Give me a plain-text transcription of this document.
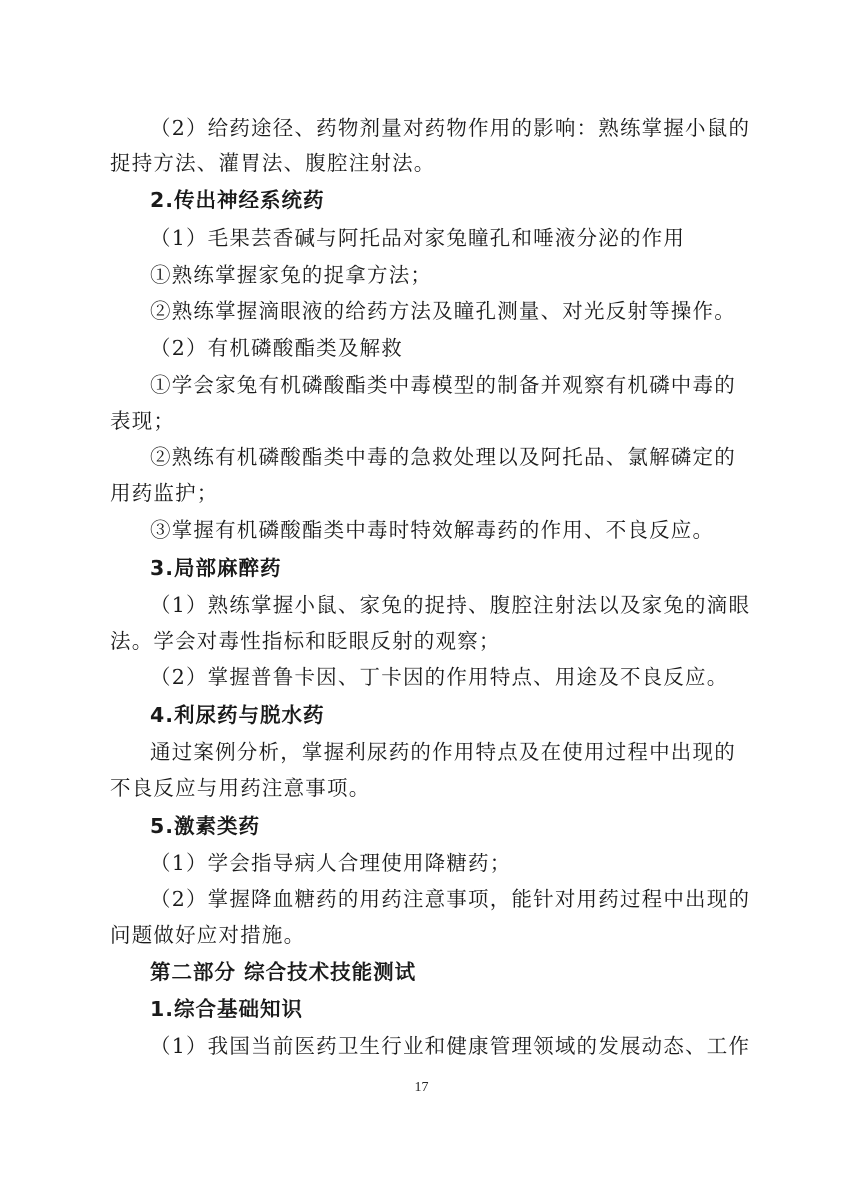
（2）给药途径、药物剂量对药物作用的影响：熟练掌握小鼠的
捉持方法、灌胃法、腹腔注射法。
2.传出神经系统药
（1）毛果芸香碱与阿托品对家兔瞳孔和唾液分泌的作用
①熟练掌握家兔的捉拿方法；
②熟练掌握滴眼液的给药方法及瞳孔测量、对光反射等操作。
（2）有机磷酸酯类及解救
①学会家兔有机磷酸酯类中毒模型的制备并观察有机磷中毒的
表现；
②熟练有机磷酸酯类中毒的急救处理以及阿托品、氯解磷定的
用药监护；
③掌握有机磷酸酯类中毒时特效解毒药的作用、不良反应。
3.局部麻醉药
（1）熟练掌握小鼠、家兔的捉持、腹腔注射法以及家兔的滴眼
法。学会对毒性指标和眨眼反射的观察；
（2）掌握普鲁卡因、丁卡因的作用特点、用途及不良反应。
4.利尿药与脱水药
通过案例分析，掌握利尿药的作用特点及在使用过程中出现的
不良反应与用药注意事项。
5.激素类药
（1）学会指导病人合理使用降糖药；
（2）掌握降血糖药的用药注意事项，能针对用药过程中出现的
问题做好应对措施。
第二部分 综合技术技能测试
1.综合基础知识
（1）我国当前医药卫生行业和健康管理领域的发展动态、工作
17
